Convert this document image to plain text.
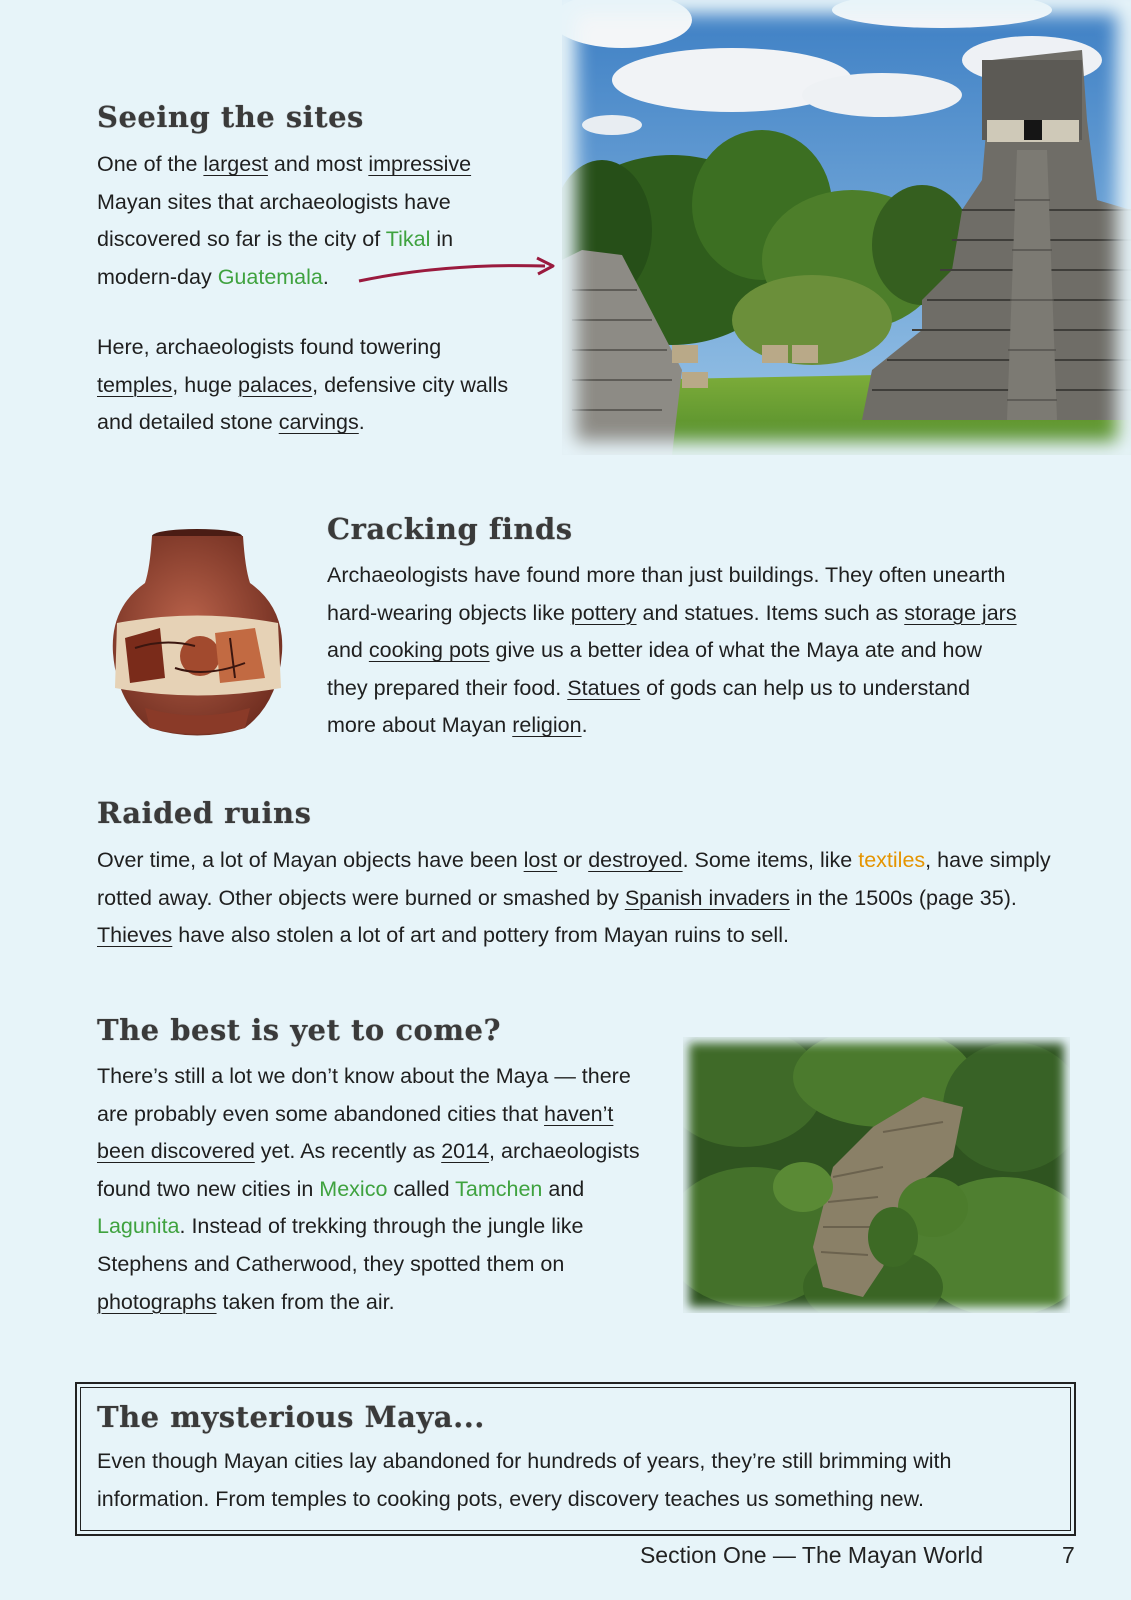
Seeing the sites

One of the largest and most impressive Mayan sites that archaeologists have discovered so far is the city of Tikal in modern-day Guatemala.

Here, archaeologists found towering temples, huge palaces, defensive city walls and detailed stone carvings.

Cracking finds

Archaeologists have found more than just buildings. They often unearth hard-wearing objects like pottery and statues. Items such as storage jars and cooking pots give us a better idea of what the Maya ate and how they prepared their food. Statues of gods can help us to understand more about Mayan religion.

Raided ruins

Over time, a lot of Mayan objects have been lost or destroyed. Some items, like textiles, have simply rotted away. Other objects were burned or smashed by Spanish invaders in the 1500s (page 35). Thieves have also stolen a lot of art and pottery from Mayan ruins to sell.

The best is yet to come?

There’s still a lot we don’t know about the Maya — there are probably even some abandoned cities that haven’t been discovered yet. As recently as 2014, archaeologists found two new cities in Mexico called Tamchen and Lagunita. Instead of trekking through the jungle like Stephens and Catherwood, they spotted them on photographs taken from the air.

The mysterious Maya...

Even though Mayan cities lay abandoned for hundreds of years, they’re still brimming with information. From temples to cooking pots, every discovery teaches us something new.

Section One — The Mayan World	7
